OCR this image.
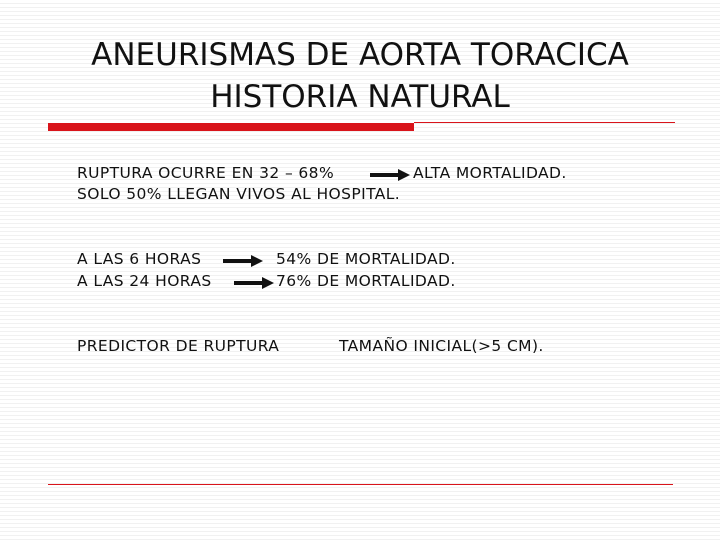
ANEURISMAS DE AORTA TORACICA
HISTORIA NATURAL
RUPTURA OCURRE EN 32 – 68%	ALTA MORTALIDAD.
SOLO 50% LLEGAN VIVOS AL HOSPITAL.
A LAS 6 HORAS	54% DE MORTALIDAD.
A LAS 24 HORAS	76% DE MORTALIDAD.
PREDICTOR DE RUPTURA	TAMAÑO INICIAL(>5 CM).
